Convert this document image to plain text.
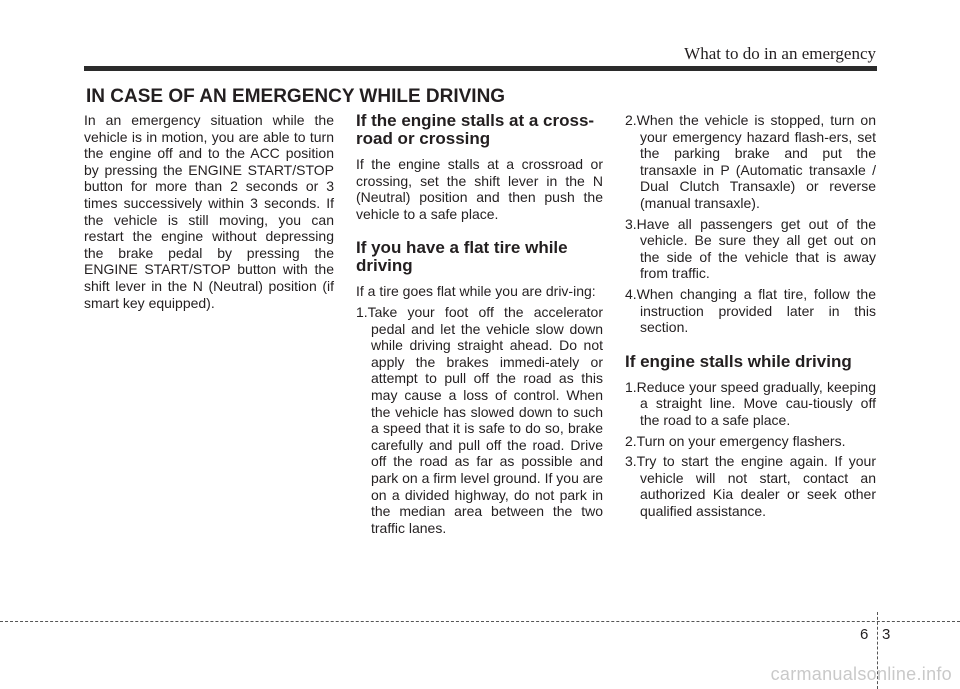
What to do in an emergency
IN CASE OF AN EMERGENCY WHILE DRIVING

In an emergency situation while the vehicle is in motion, you are able to turn the engine off and to the ACC position by pressing the ENGINE START/STOP button for more than 2 seconds or 3 times successively within 3 seconds. If the vehicle is still moving, you can restart the engine without depressing the brake pedal by pressing the ENGINE START/STOP button with the shift lever in the N (Neutral) position (if smart key equipped).

If the engine stalls at a cross-road or crossing

If the engine stalls at a crossroad or crossing, set the shift lever in the N (Neutral) position and then push the vehicle to a safe place.

If you have a flat tire while driving

If a tire goes flat while you are driv-ing:

1.Take your foot off the accelerator pedal and let the vehicle slow down while driving straight ahead. Do not apply the brakes immedi-ately or attempt to pull off the road as this may cause a loss of control. When the vehicle has slowed down to such a speed that it is safe to do so, brake carefully and pull off the road. Drive off the road as far as possible and park on a firm level ground. If you are on a divided highway, do not park in the median area between the two traffic lanes.

2.When the vehicle is stopped, turn on your emergency hazard flash-ers, set the parking brake and put the transaxle in P (Automatic transaxle / Dual Clutch Transaxle) or reverse (manual transaxle).

3.Have all passengers get out of the vehicle. Be sure they all get out on the side of the vehicle that is away from traffic.

4.When changing a flat tire, follow the instruction provided later in this section.

If engine stalls while driving

1.Reduce your speed gradually, keeping a straight line. Move cau-tiously off the road to a safe place.

2.Turn on your emergency flashers.

3.Try to start the engine again. If your vehicle will not start, contact an authorized Kia dealer or seek other qualified assistance.

6 3
carmanualsonline.info
